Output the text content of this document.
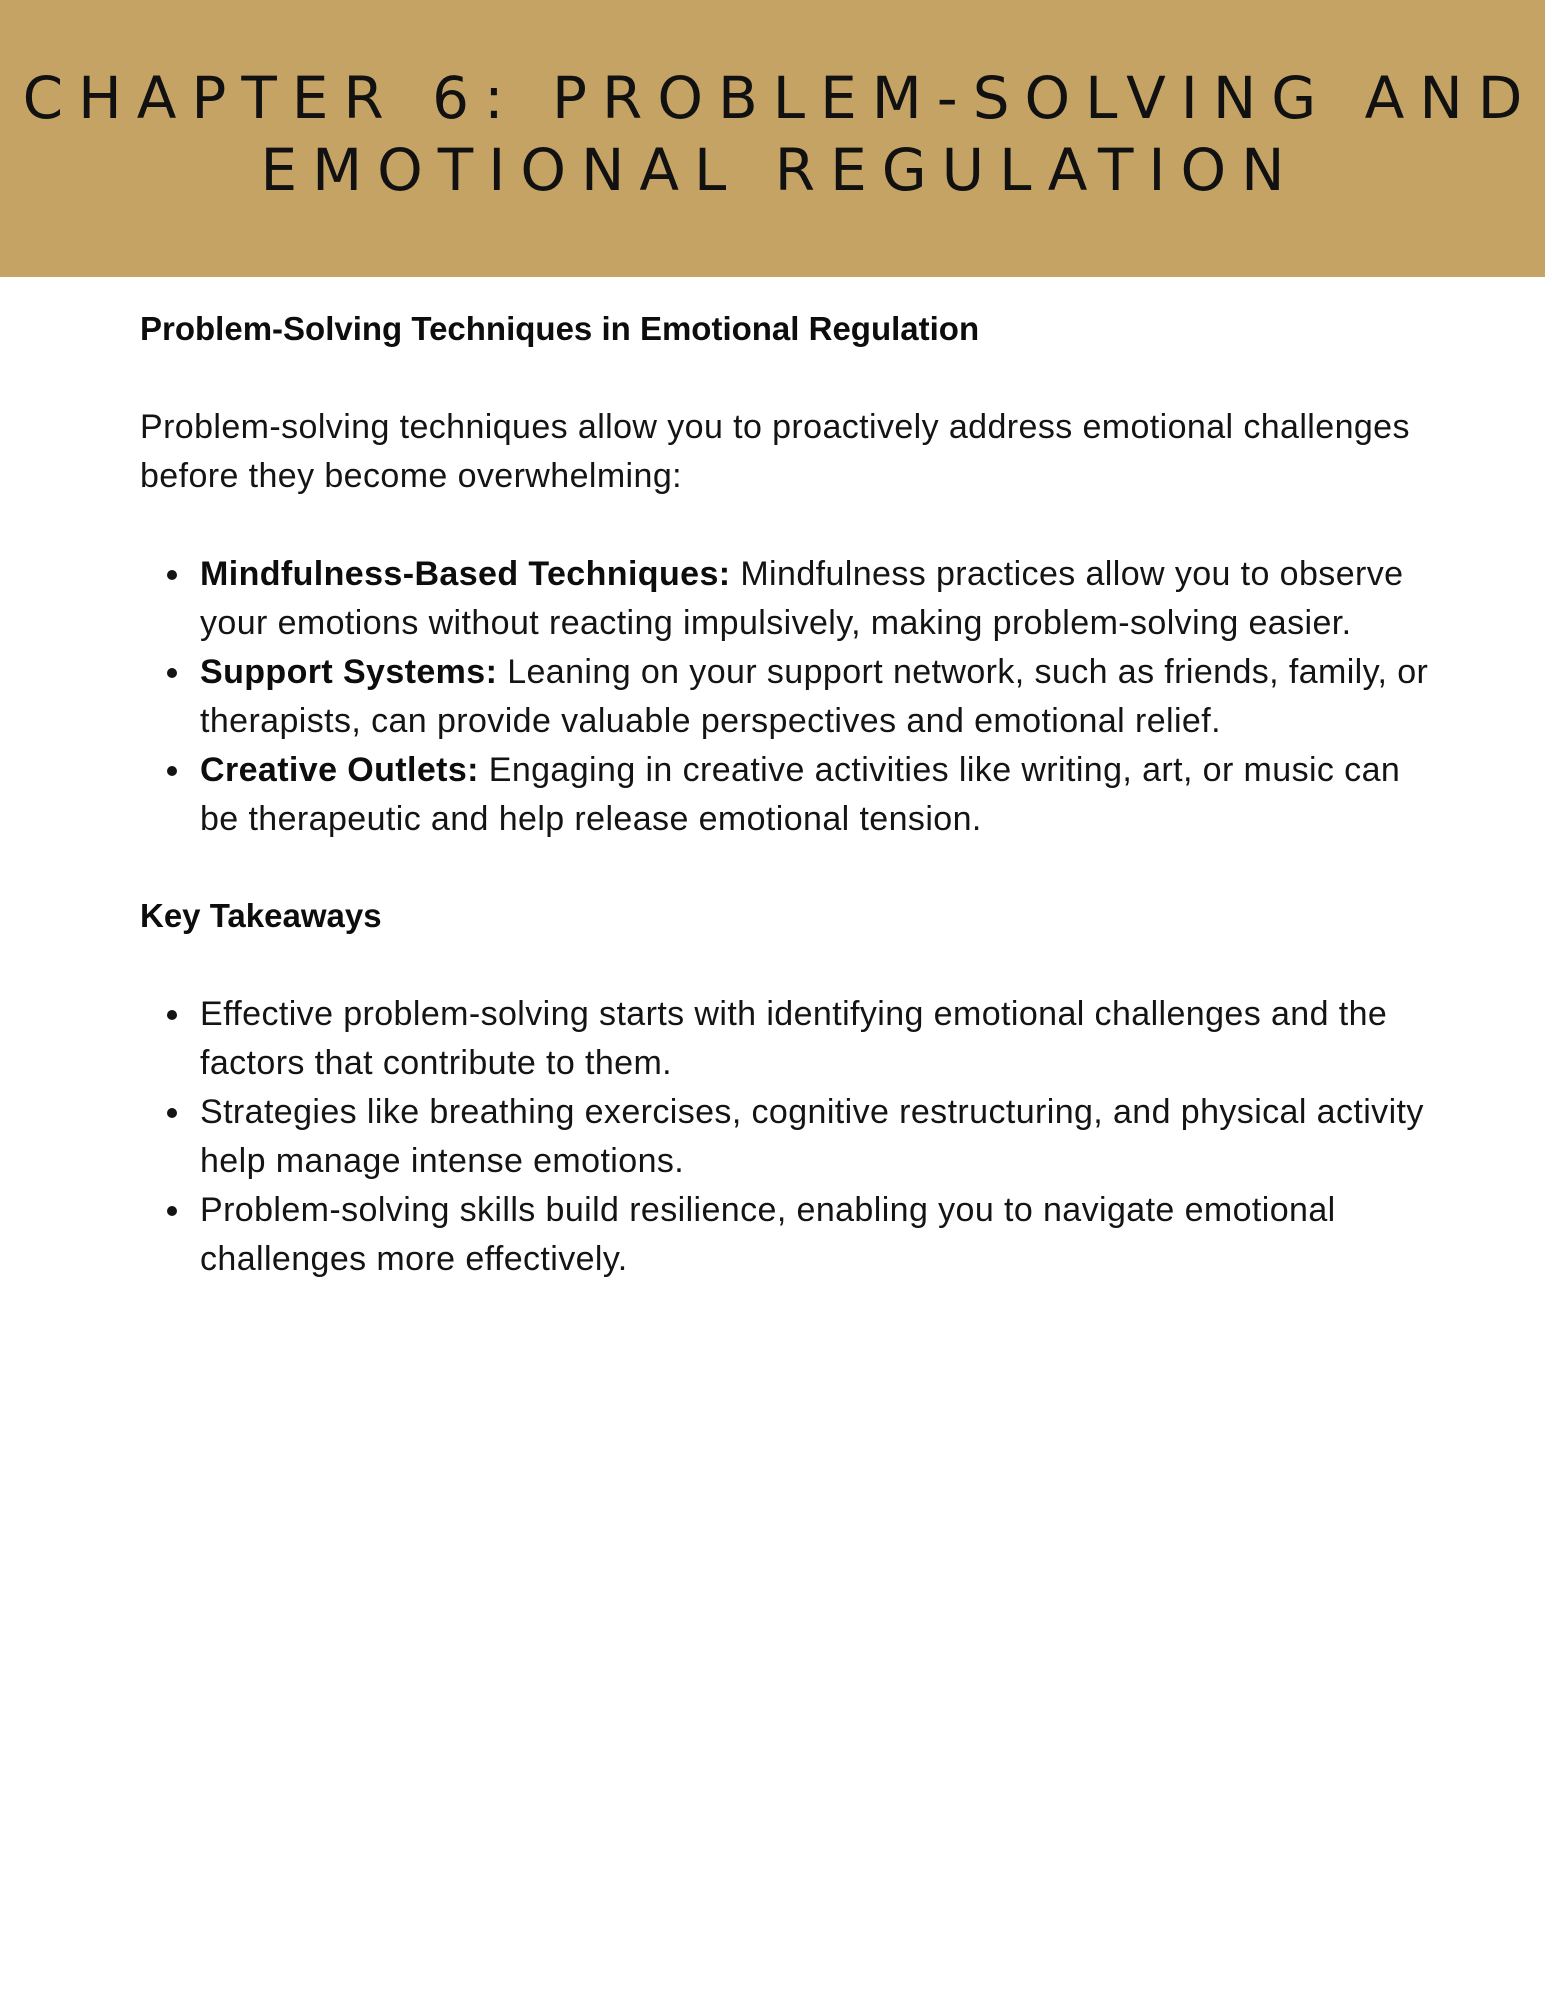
CHAPTER 6: PROBLEM-SOLVING AND
EMOTIONAL REGULATION
Problem-Solving Techniques in Emotional Regulation

Problem-solving techniques allow you to proactively address emotional challenges before they become overwhelming:

Mindfulness-Based Techniques: Mindfulness practices allow you to observe your emotions without reacting impulsively, making problem-solving easier.
Support Systems: Leaning on your support network, such as friends, family, or therapists, can provide valuable perspectives and emotional relief.
Creative Outlets: Engaging in creative activities like writing, art, or music can be therapeutic and help release emotional tension.
Key Takeaways
Effective problem-solving starts with identifying emotional challenges and the factors that contribute to them.
Strategies like breathing exercises, cognitive restructuring, and physical activity help manage intense emotions.
Problem-solving skills build resilience, enabling you to navigate emotional challenges more effectively.
